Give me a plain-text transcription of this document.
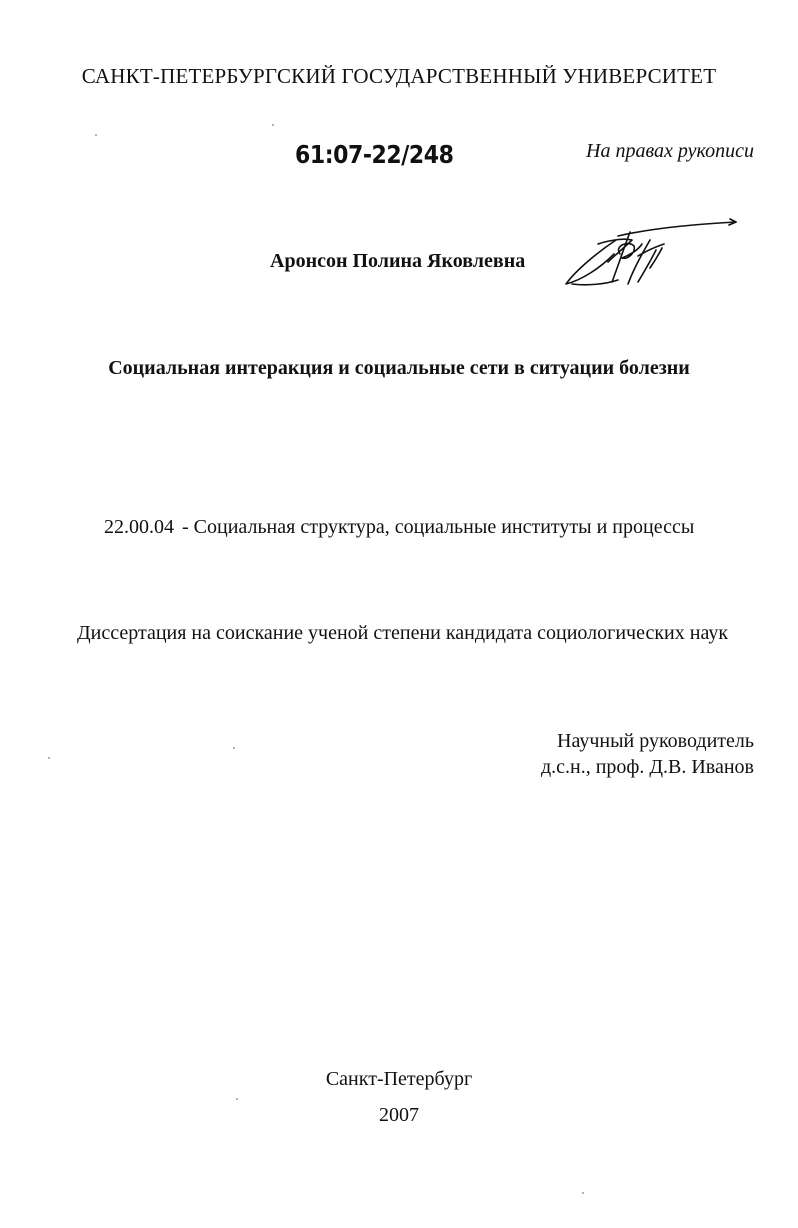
САНКТ-ПЕТЕРБУРГСКИЙ ГОСУДАРСТВЕННЫЙ УНИВЕРСИТЕТ
61:07-22/248	На правах рукописи
Аронсон Полина Яковлевна
Социальная интеракция и социальные сети в ситуации болезни
22.00.04 - Социальная структура, социальные институты и процессы
Диссертация на соискание ученой степени кандидата социологических наук
Научный руководитель
д.с.н., проф. Д.В. Иванов
Санкт-Петербург
2007
